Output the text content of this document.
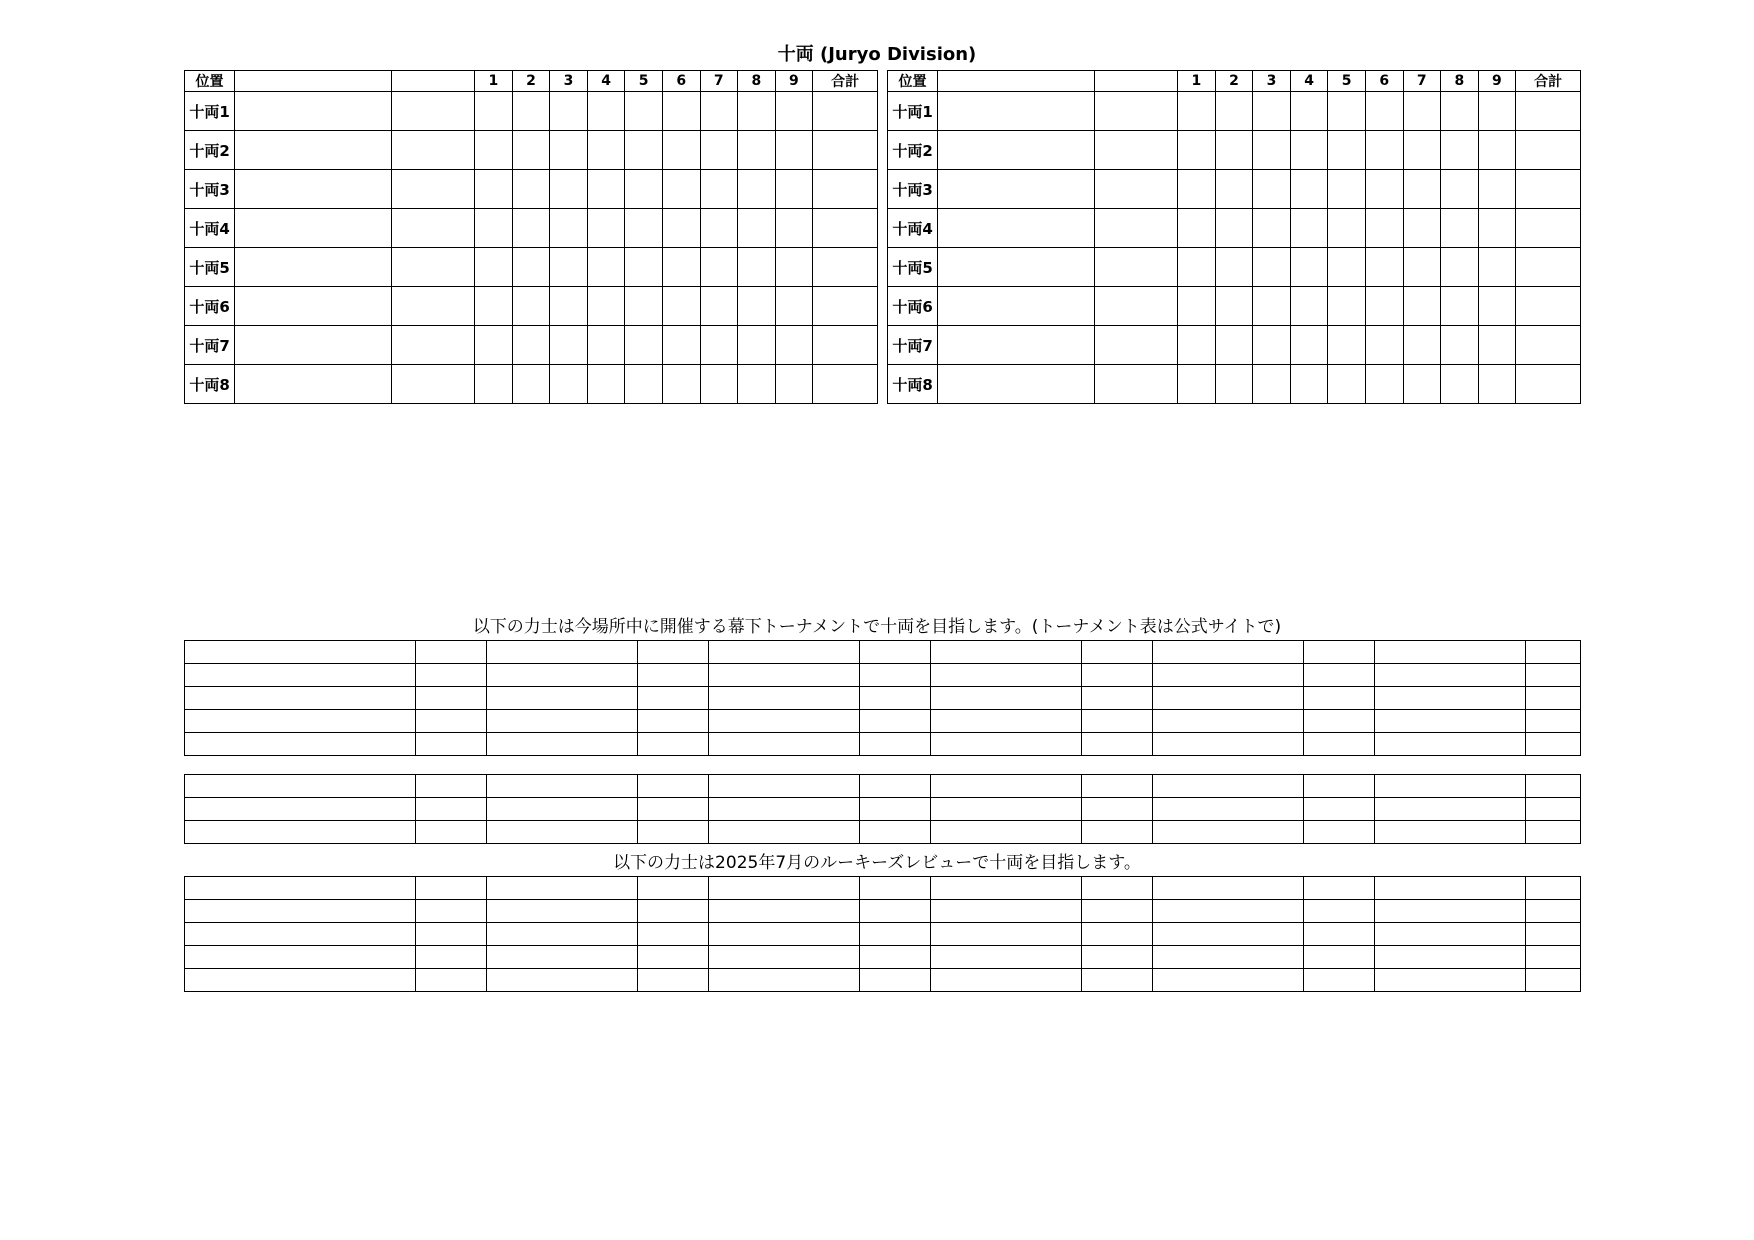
十両 (Juryo Division)
位置			1	2	3	4	5	6	7	8	9	合計
十両1												
十両2												
十両3												
十両4												
十両5												
十両6												
十両7												
十両8												
位置			1	2	3	4	5	6	7	8	9	合計
十両1												
十両2												
十両3												
十両4												
十両5												
十両6												
十両7												
十両8												
以下の力士は今場所中に開催する幕下トーナメントで十両を目指します。(トーナメント表は公式サイトで)

以下の力士は2025年7月のルーキーズレビューで十両を目指します。
